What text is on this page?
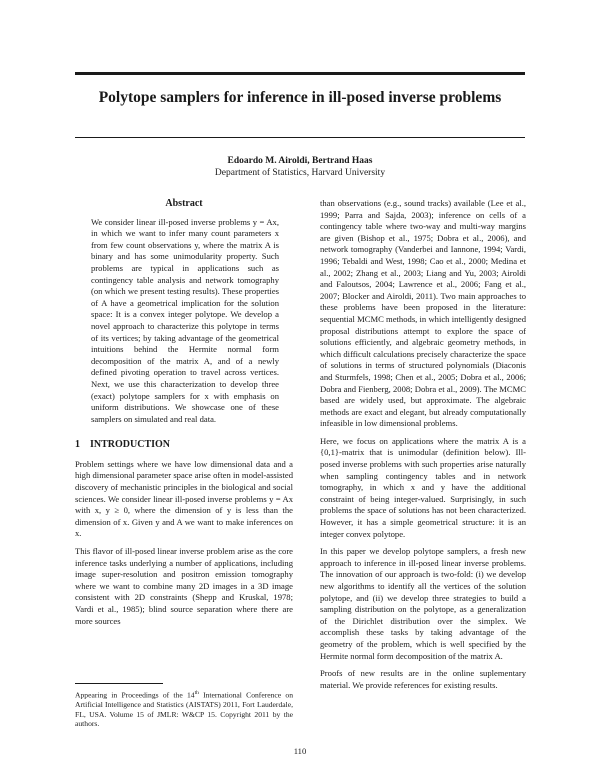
Polytope samplers for inference in ill-posed inverse problems
Edoardo M. Airoldi, Bertrand Haas
Department of Statistics, Harvard University
Abstract
We consider linear ill-posed inverse problems y = Ax, in which we want to infer many count parameters x from few count observations y, where the matrix A is binary and has some unimodularity property. Such problems are typical in applications such as contingency table analysis and network tomography (on which we present testing results). These properties of A have a geometrical implication for the solution space: It is a convex integer polytope. We develop a novel approach to characterize this polytope in terms of its vertices; by taking advantage of the geometrical intuitions behind the Hermite normal form decomposition of the matrix A, and of a newly defined pivoting operation to travel across vertices. Next, we use this characterization to develop three (exact) polytope samplers for x with emphasis on uniform distributions. We showcase one of these samplers on simulated and real data.
1 INTRODUCTION

Problem settings where we have low dimensional data and a high dimensional parameter space arise often in model-assisted discovery of mechanistic principles in the biological and social sciences. We consider linear ill-posed inverse problems y = Ax with x, y ≥ 0, where the dimension of y is less than the dimension of x. Given y and A we want to make inferences on x.

This flavor of ill-posed linear inverse problem arise as the core inference tasks underlying a number of applications, including image super-resolution and positron emission tomography where we want to combine many 2D images in a 3D image consistent with 2D constraints (Shepp and Kruskal, 1978; Vardi et al., 1985); blind source separation where there are more sources

than observations (e.g., sound tracks) available (Lee et al., 1999; Parra and Sajda, 2003); inference on cells of a contingency table where two-way and multi-way margins are given (Bishop et al., 1975; Dobra et al., 2006), and network tomography (Vanderbei and Iannone, 1994; Vardi, 1996; Tebaldi and West, 1998; Cao et al., 2000; Medina et al., 2002; Zhang et al., 2003; Liang and Yu, 2003; Airoldi and Faloutsos, 2004; Lawrence et al., 2006; Fang et al., 2007; Blocker and Airoldi, 2011). Two main approaches to these problems have been proposed in the literature: sequential MCMC methods, in which intelligently designed proposal distributions attempt to explore the space of solutions efficiently, and algebraic geometry methods, in which difficult calculations precisely characterize the space of solutions in terms of structured polynomials (Diaconis and Sturmfels, 1998; Chen et al., 2005; Dobra et al., 2006; Dobra and Fienberg, 2008; Dobra et al., 2009). The MCMC based are widely used, but approximate. The algebraic methods are exact and elegant, but already computationally infeasible in low dimensional problems.

Here, we focus on applications where the matrix A is a {0,1}-matrix that is unimodular (definition below). Ill-posed inverse problems with such properties arise naturally when sampling contingency tables and in network tomography, in which x and y have the additional constraint of being integer-valued. Surprisingly, in such problems the space of solutions has not been characterized. However, it has a simple geometrical structure: it is an integer convex polytope.

In this paper we develop polytope samplers, a fresh new approach to inference in ill-posed linear inverse problems. The innovation of our approach is two-fold: (i) we develop new algorithms to identify all the vertices of the solution polytope, and (ii) we develop three strategies to build a sampling distribution on the polytope, as a generalization of the Dirichlet distribution over the simplex. We accomplish these tasks by taking advantage of the geometry of the problem, which is well specified by the Hermite normal form decomposition of the matrix A.

Proofs of new results are in the online suplementary material. We provide references for existing results.

Appearing in Proceedings of the 14th International Conference on Artificial Intelligence and Statistics (AISTATS) 2011, Fort Lauderdale, FL, USA. Volume 15 of JMLR: W&CP 15. Copyright 2011 by the authors.
110
